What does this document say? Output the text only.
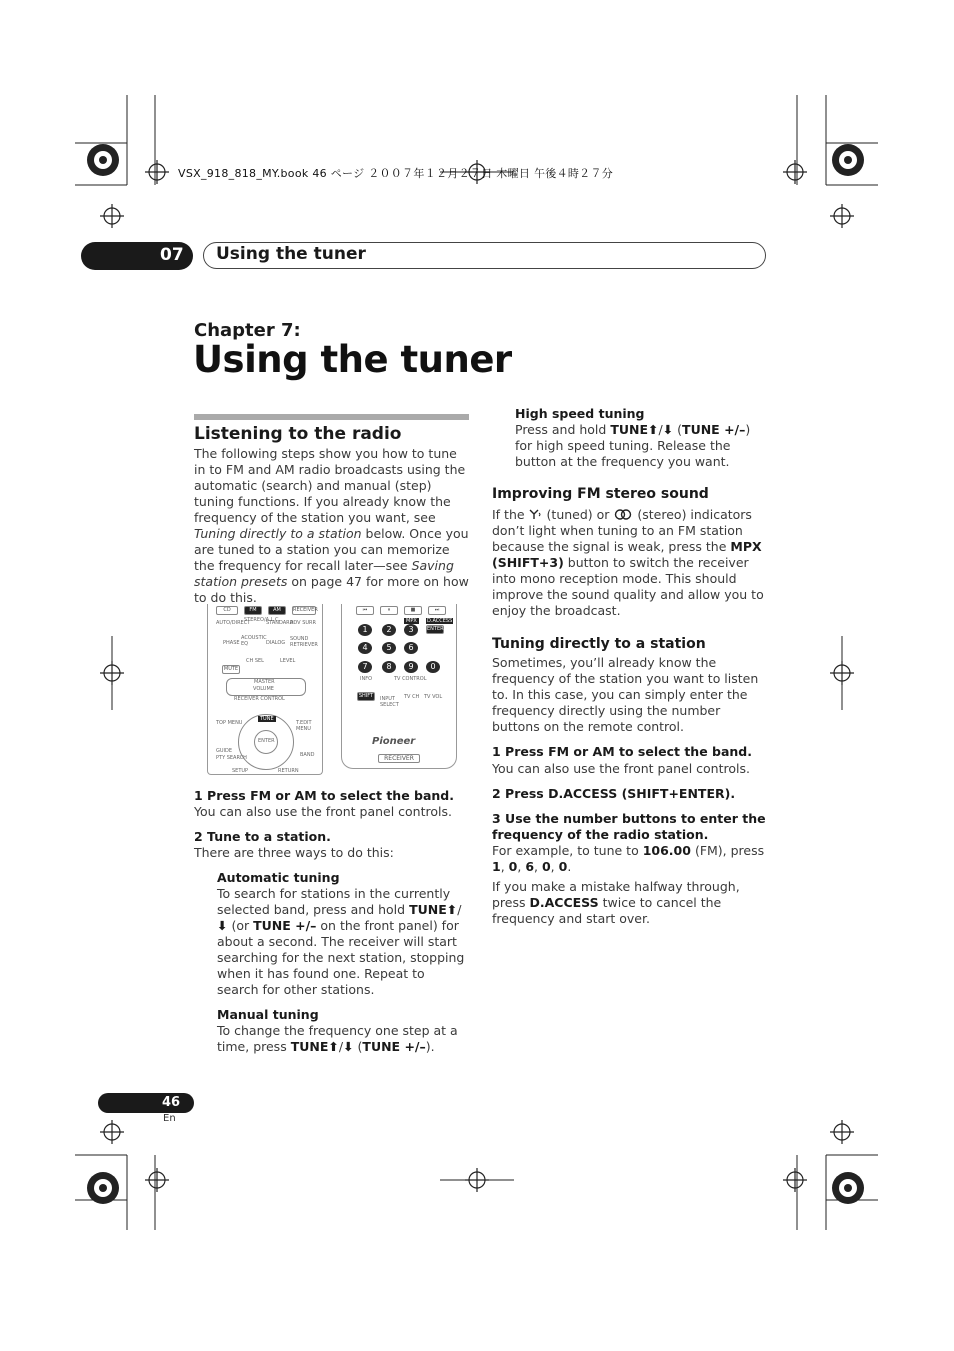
VSX_918_818_MY.book 46 ページ ２００７年１２月２７日 木曜日 午後４時２７分
07 Using the tuner
Chapter 7:
Using the tuner
Listening to the radio

The following steps show you how to tune in to FM and AM radio broadcasts using the automatic (search) and manual (step) tuning functions. If you already know the frequency of the station you want, see Tuning directly to a station below. Once you are tuned to a station you can memorize the frequency for recall later—see Saving station presets on page 47 for more on how to do this.

CD	FM	AM	RECEIVER
AUTO/DIRECT
STEREO/A.L.C.
STANDARD
ADV SURR
PHASE
ACOUSTIC EQ	DIALOG
SOUND RETRIEVER
MUTE
CH SEL	LEVEL
MASTER
VOLUME
RECEIVER CONTROL
ENTER
TUNE
TOP MENU	T.EDIT MENU
GUIDE
PTY SEARCH	BAND
SETUP	RETURN
⏮	⏸	■	⏭
MPX	D.ACCESS
1	2	3	ENTER
4	5	6
7	8	9	0
INFO	TV CONTROL
SHIFT	INPUT SELECT
TV CH TV VOL
Pioneer
RECEIVER

1 Press FM or AM to select the band.

You can also use the front panel controls.

2 Tune to a station.

There are three ways to do this:

Automatic tuning

To search for stations in the currently selected band, press and hold TUNE⬆/⬇ (or TUNE +/– on the front panel) for about a second. The receiver will start searching for the next station, stopping when it has found one. Repeat to search for other stations.

Manual tuning

To change the frequency one step at a time, press TUNE⬆/⬇ (TUNE +/–).

High speed tuning

Press and hold TUNE⬆/⬇ (TUNE +/–) for high speed tuning. Release the button at the frequency you want.

Improving FM stereo sound

If the  (tuned) or  (stereo) indicators don’t light when tuning to an FM station because the signal is weak, press the MPX (SHIFT+3) button to switch the receiver into mono reception mode. This should improve the sound quality and allow you to enjoy the broadcast.

Tuning directly to a station

Sometimes, you’ll already know the frequency of the station you want to listen to. In this case, you can simply enter the frequency directly using the number buttons on the remote control.

1 Press FM or AM to select the band.

You can also use the front panel controls.

2 Press D.ACCESS (SHIFT+ENTER).

3 Use the number buttons to enter the frequency of the radio station.

For example, to tune to 106.00 (FM), press 1, 0, 6, 0, 0.

If you make a mistake halfway through, press D.ACCESS twice to cancel the frequency and start over.

46
En
